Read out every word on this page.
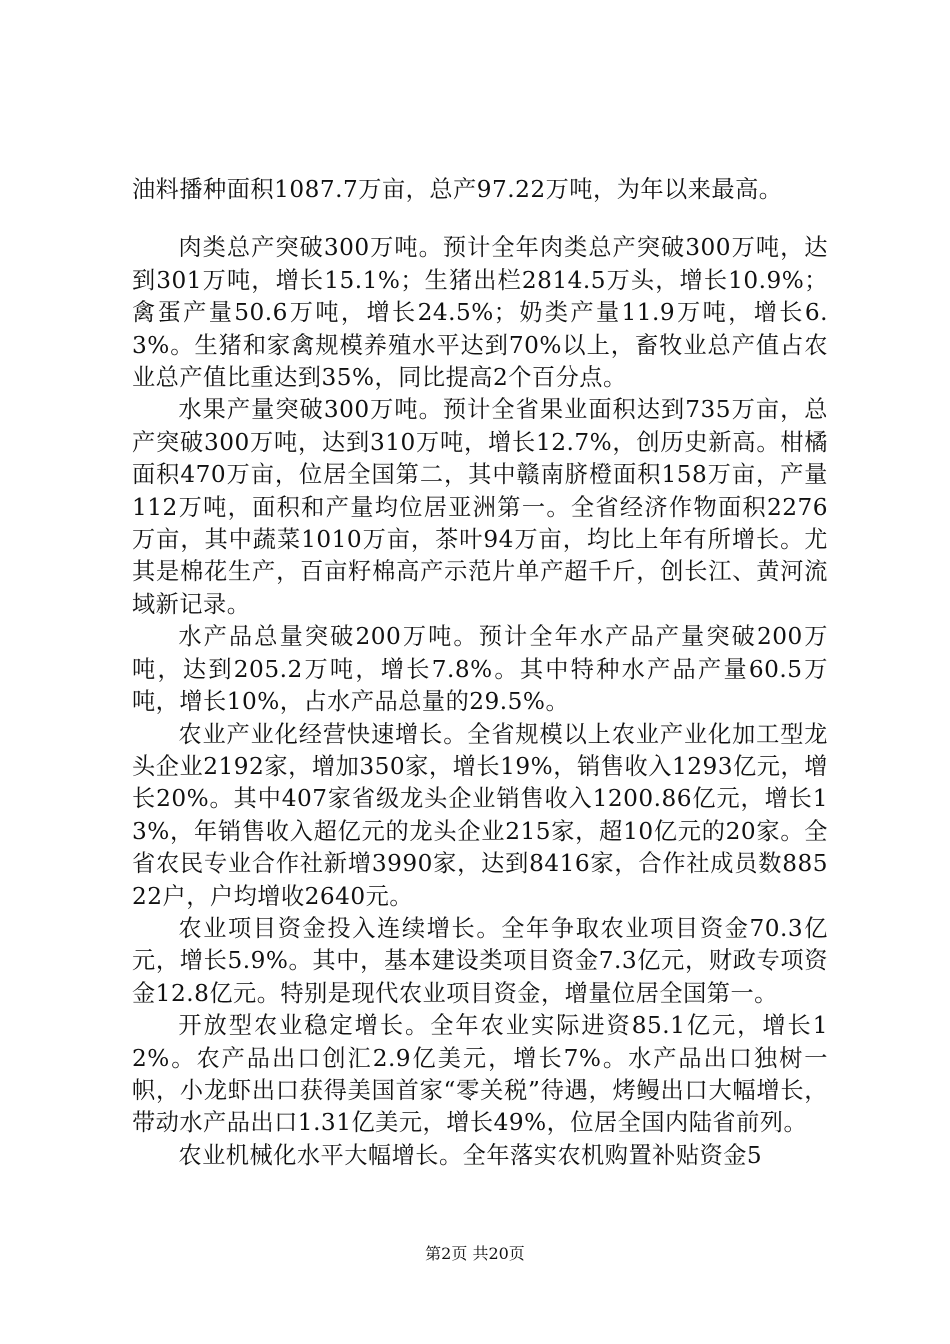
油料播种面积1087.7万亩，总产97.22万吨，为年以来最高。

肉类总产突破300万吨。预计全年肉类总产突破300万吨，达到301万吨，增长15.1%；生猪出栏2814.5万头，增长10.9%；禽蛋产量50.6万吨，增长24.5%；奶类产量11.9万吨，增长6.3%。生猪和家禽规模养殖水平达到70%以上，畜牧业总产值占农业总产值比重达到35%，同比提高2个百分点。

水果产量突破300万吨。预计全省果业面积达到735万亩，总产突破300万吨，达到310万吨，增长12.7%，创历史新高。柑橘面积470万亩，位居全国第二，其中赣南脐橙面积158万亩，产量112万吨，面积和产量均位居亚洲第一。全省经济作物面积2276万亩，其中蔬菜1010万亩，茶叶94万亩，均比上年有所增长。尤其是棉花生产，百亩籽棉高产示范片单产超千斤，创长江、黄河流域新记录。

水产品总量突破200万吨。预计全年水产品产量突破200万吨，达到205.2万吨，增长7.8%。其中特种水产品产量60.5万吨，增长10%，占水产品总量的29.5%。

农业产业化经营快速增长。全省规模以上农业产业化加工型龙头企业2192家，增加350家，增长19%，销售收入1293亿元，增长20%。其中407家省级龙头企业销售收入1200.86亿元，增长13%，年销售收入超亿元的龙头企业215家，超10亿元的20家。全省农民专业合作社新增3990家，达到8416家，合作社成员数88522户，户均增收2640元。

农业项目资金投入连续增长。全年争取农业项目资金70.3亿元，增长5.9%。其中，基本建设类项目资金7.3亿元，财政专项资金12.8亿元。特别是现代农业项目资金，增量位居全国第一。

开放型农业稳定增长。全年农业实际进资85.1亿元，增长12%。农产品出口创汇2.9亿美元，增长7%。水产品出口独树一帜，小龙虾出口获得美国首家“零关税”待遇，烤鳗出口大幅增长，带动水产品出口1.31亿美元，增长49%，位居全国内陆省前列。

农业机械化水平大幅增长。全年落实农机购置补贴资金5

第2页 共20页
